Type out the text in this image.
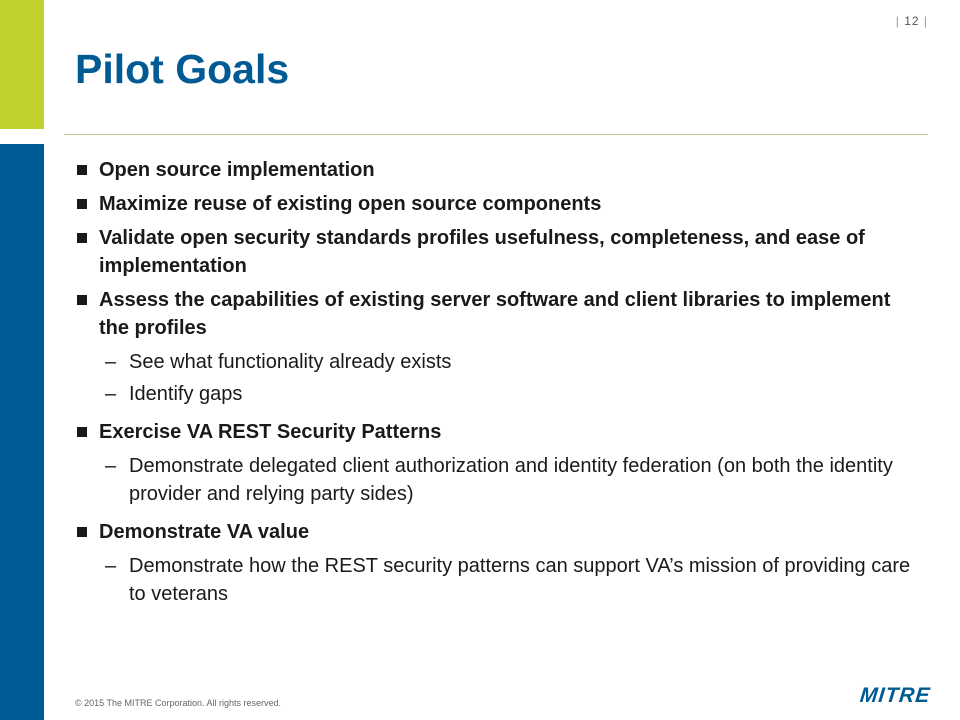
| 12 |
Pilot Goals
Open source implementation
Maximize reuse of existing open source components
Validate open security standards profiles usefulness, completeness, and ease of implementation
Assess the capabilities of existing server software and client libraries to implement the profiles
– See what functionality already exists
– Identify gaps
Exercise VA REST Security Patterns
– Demonstrate delegated client authorization and identity federation (on both the identity provider and relying party sides)
Demonstrate VA value
– Demonstrate how the REST security patterns can support VA’s mission of providing care to veterans
© 2015 The MITRE Corporation. All rights reserved.	MITRE
